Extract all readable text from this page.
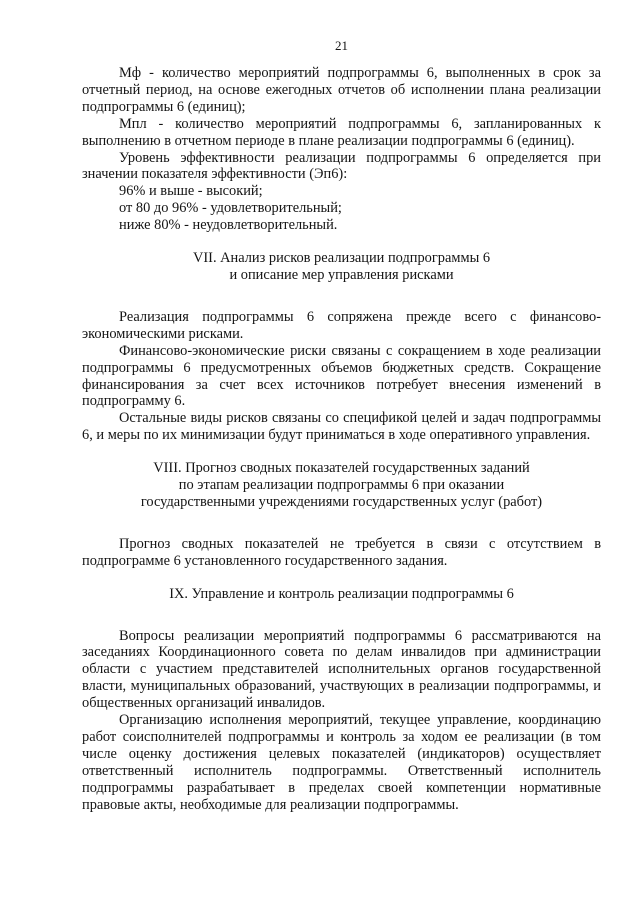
21

Мф - количество мероприятий подпрограммы 6, выполненных в срок за отчетный период, на основе ежегодных отчетов об исполнении плана реализации подпрограммы 6 (единиц);

Мпл - количество мероприятий подпрограммы 6, запланированных к выполнению в отчетном периоде в плане реализации подпрограммы 6 (единиц).

Уровень эффективности реализации подпрограммы 6 определяется при значении показателя эффективности (Эп6):

96% и выше - высокий;
от 80 до 96% - удовлетворительный;
ниже 80% - неудовлетворительный.
VII. Анализ рисков реализации подпрограммы 6
и описание мер управления рисками

Реализация подпрограммы 6 сопряжена прежде всего с финансово-экономическими рисками.

Финансово-экономические риски связаны с сокращением в ходе реализации подпрограммы 6 предусмотренных объемов бюджетных средств. Сокращение финансирования за счет всех источников потребует внесения изменений в подпрограмму 6.

Остальные виды рисков связаны со спецификой целей и задач подпрограммы 6, и меры по их минимизации будут приниматься в ходе оперативного управления.

VIII. Прогноз сводных показателей государственных заданий
по этапам реализации подпрограммы 6 при оказании
государственными учреждениями государственных услуг (работ)

Прогноз сводных показателей не требуется в связи с отсутствием в подпрограмме 6 установленного государственного задания.

IX. Управление и контроль реализации подпрограммы 6

Вопросы реализации мероприятий подпрограммы 6 рассматриваются на заседаниях Координационного совета по делам инвалидов при администрации области с участием представителей исполнительных органов государственной власти, муниципальных образований, участвующих в реализации подпрограммы, и общественных организаций инвалидов.

Организацию исполнения мероприятий, текущее управление, координацию работ соисполнителей подпрограммы и контроль за ходом ее реализации (в том числе оценку достижения целевых показателей (индикаторов) осуществляет ответственный исполнитель подпрограммы. Ответственный исполнитель подпрограммы разрабатывает в пределах своей компетенции нормативные правовые акты, необходимые для реализации подпрограммы.
